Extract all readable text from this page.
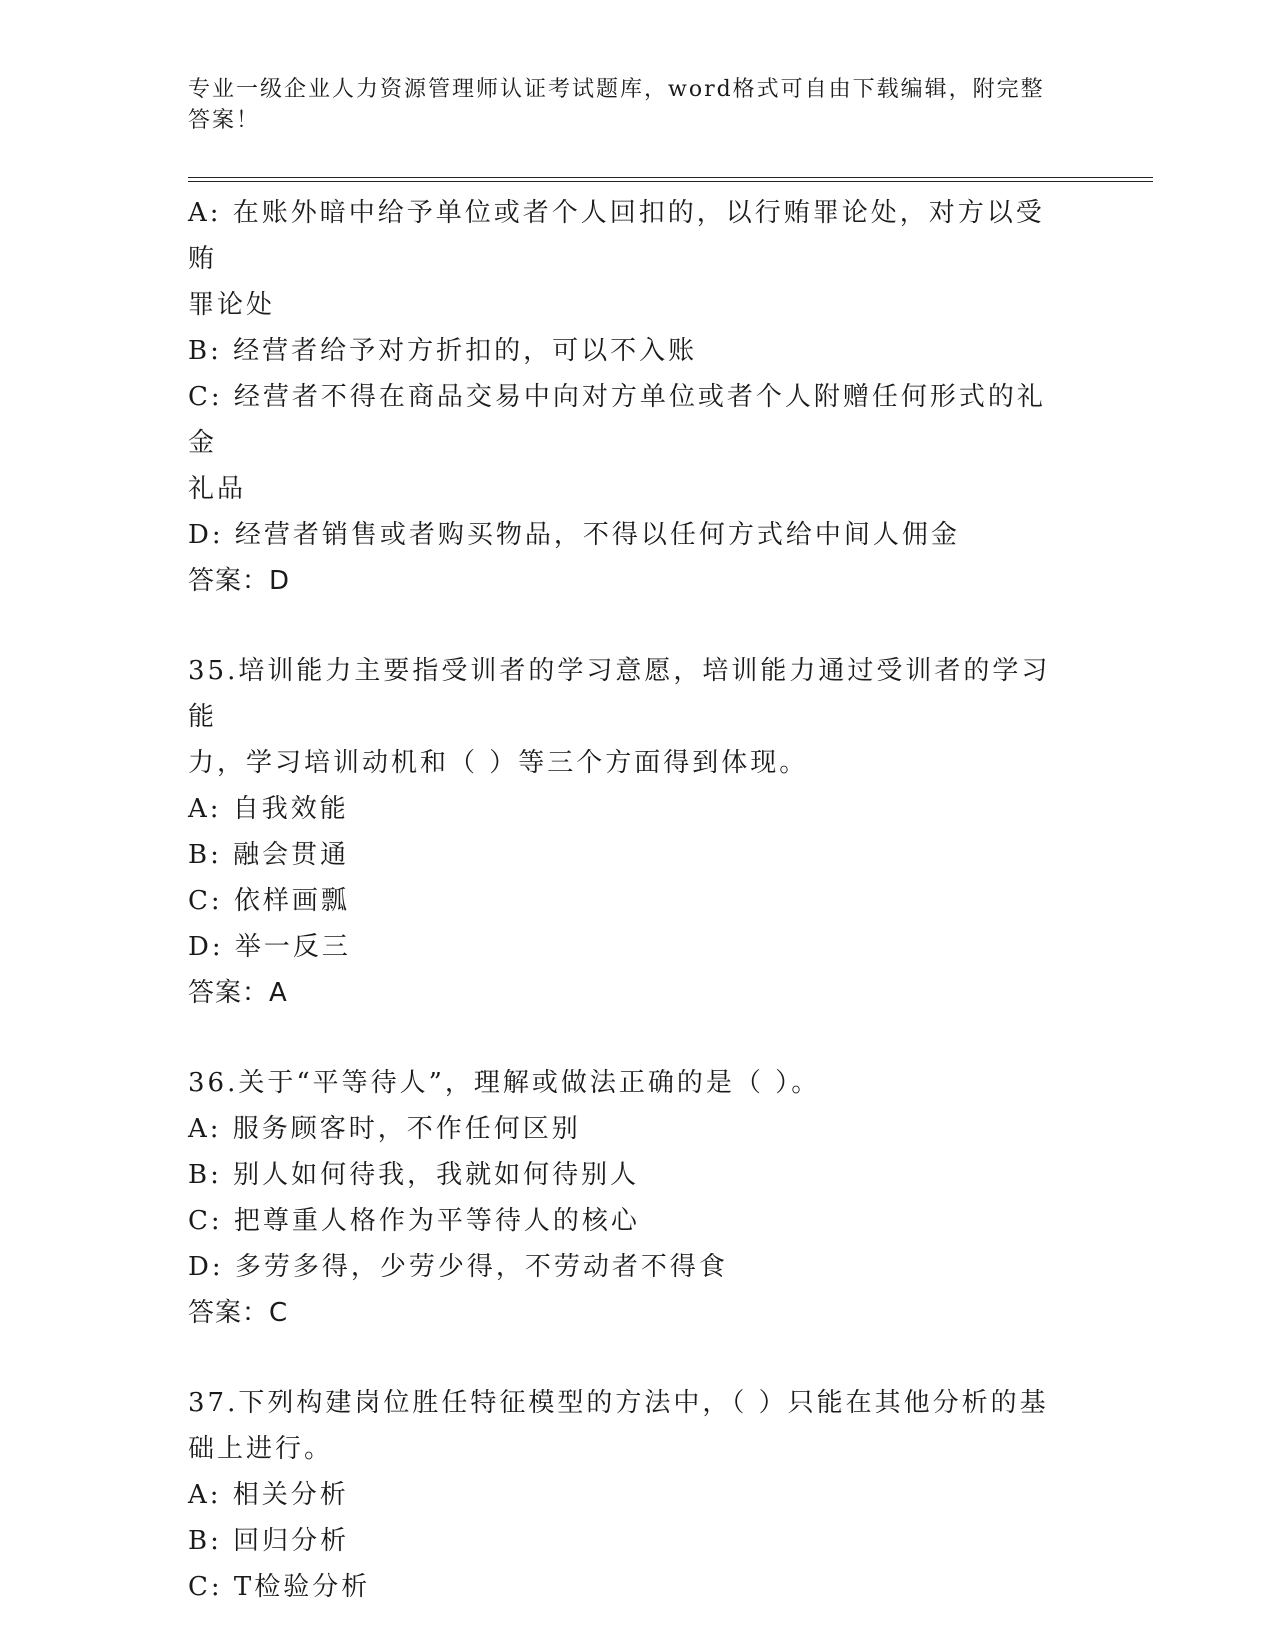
专业一级企业人力资源管理师认证考试题库，word格式可自由下载编辑，附完整
答案！

A: 在账外暗中给予单位或者个人回扣的，以行贿罪论处，对方以受贿

罪论处

B: 经营者给予对方折扣的，可以不入账

C: 经营者不得在商品交易中向对方单位或者个人附赠任何形式的礼金

礼品

D: 经营者销售或者购买物品，不得以任何方式给中间人佣金

答案：D

35.培训能力主要指受训者的学习意愿，培训能力通过受训者的学习能

力，学习培训动机和（ ）等三个方面得到体现。

A: 自我效能

B: 融会贯通

C: 依样画瓢

D: 举一反三

答案：A

36.关于“平等待人”，理解或做法正确的是（ ）。

A: 服务顾客时，不作任何区别

B: 别人如何待我，我就如何待别人

C: 把尊重人格作为平等待人的核心

D: 多劳多得，少劳少得，不劳动者不得食

答案：C

37.下列构建岗位胜任特征模型的方法中，（ ）只能在其他分析的基

础上进行。

A: 相关分析

B: 回归分析

C: T检验分析
